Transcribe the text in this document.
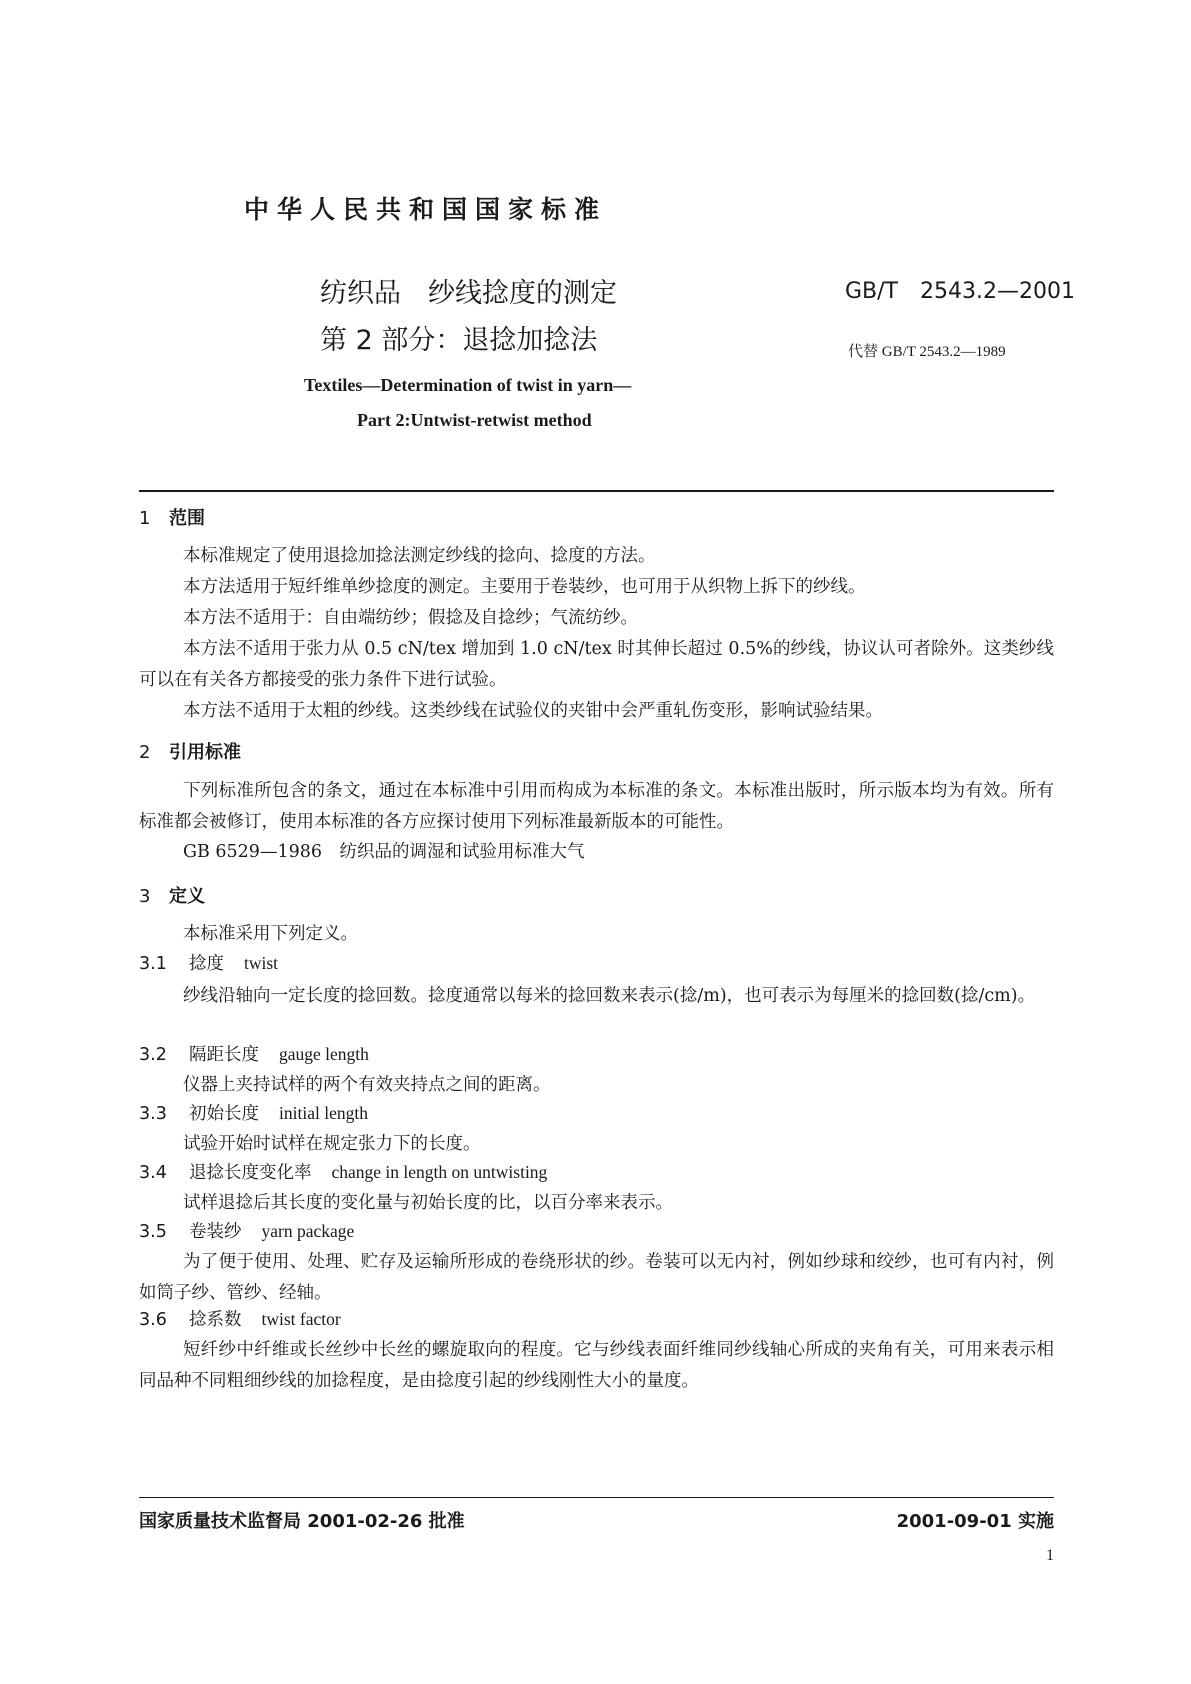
中华人民共和国国家标准
纺织品　纱线捻度的测定
第 2 部分：退捻加捻法
GB/T　2543.2—2001
代替 GB/T 2543.2—1989
Textiles—Determination of twist in yarn—
Part 2:Untwist-retwist method
1 范围
本标准规定了使用退捻加捻法测定纱线的捻向、捻度的方法。
本方法适用于短纤维单纱捻度的测定。主要用于卷装纱，也可用于从织物上拆下的纱线。
本方法不适用于：自由端纺纱；假捻及自捻纱；气流纺纱。
本方法不适用于张力从 0.5 cN/tex 增加到 1.0 cN/tex 时其伸长超过 0.5%的纱线，协议认可者除外。这类纱线可以在有关各方都接受的张力条件下进行试验。
本方法不适用于太粗的纱线。这类纱线在试验仪的夹钳中会严重轧伤变形，影响试验结果。
2 引用标准
下列标准所包含的条文，通过在本标准中引用而构成为本标准的条文。本标准出版时，所示版本均为有效。所有标准都会被修订，使用本标准的各方应探讨使用下列标准最新版本的可能性。
GB 6529—1986　纺织品的调湿和试验用标准大气
3 定义
本标准采用下列定义。
3.1 捻度 twist
纱线沿轴向一定长度的捻回数。捻度通常以每米的捻回数来表示(捻/m)，也可表示为每厘米的捻回数(捻/cm)。
3.2 隔距长度 gauge length
仪器上夹持试样的两个有效夹持点之间的距离。
3.3 初始长度 initial length
试验开始时试样在规定张力下的长度。
3.4 退捻长度变化率 change in length on untwisting
试样退捻后其长度的变化量与初始长度的比，以百分率来表示。
3.5 卷装纱 yarn package
为了便于使用、处理、贮存及运输所形成的卷绕形状的纱。卷装可以无内衬，例如纱球和绞纱，也可有内衬，例如筒子纱、管纱、经轴。
3.6 捻系数 twist factor
短纤纱中纤维或长丝纱中长丝的螺旋取向的程度。它与纱线表面纤维同纱线轴心所成的夹角有关，可用来表示相同品种不同粗细纱线的加捻程度，是由捻度引起的纱线刚性大小的量度。
国家质量技术监督局 2001-02-26 批准	2001-09-01 实施
1
